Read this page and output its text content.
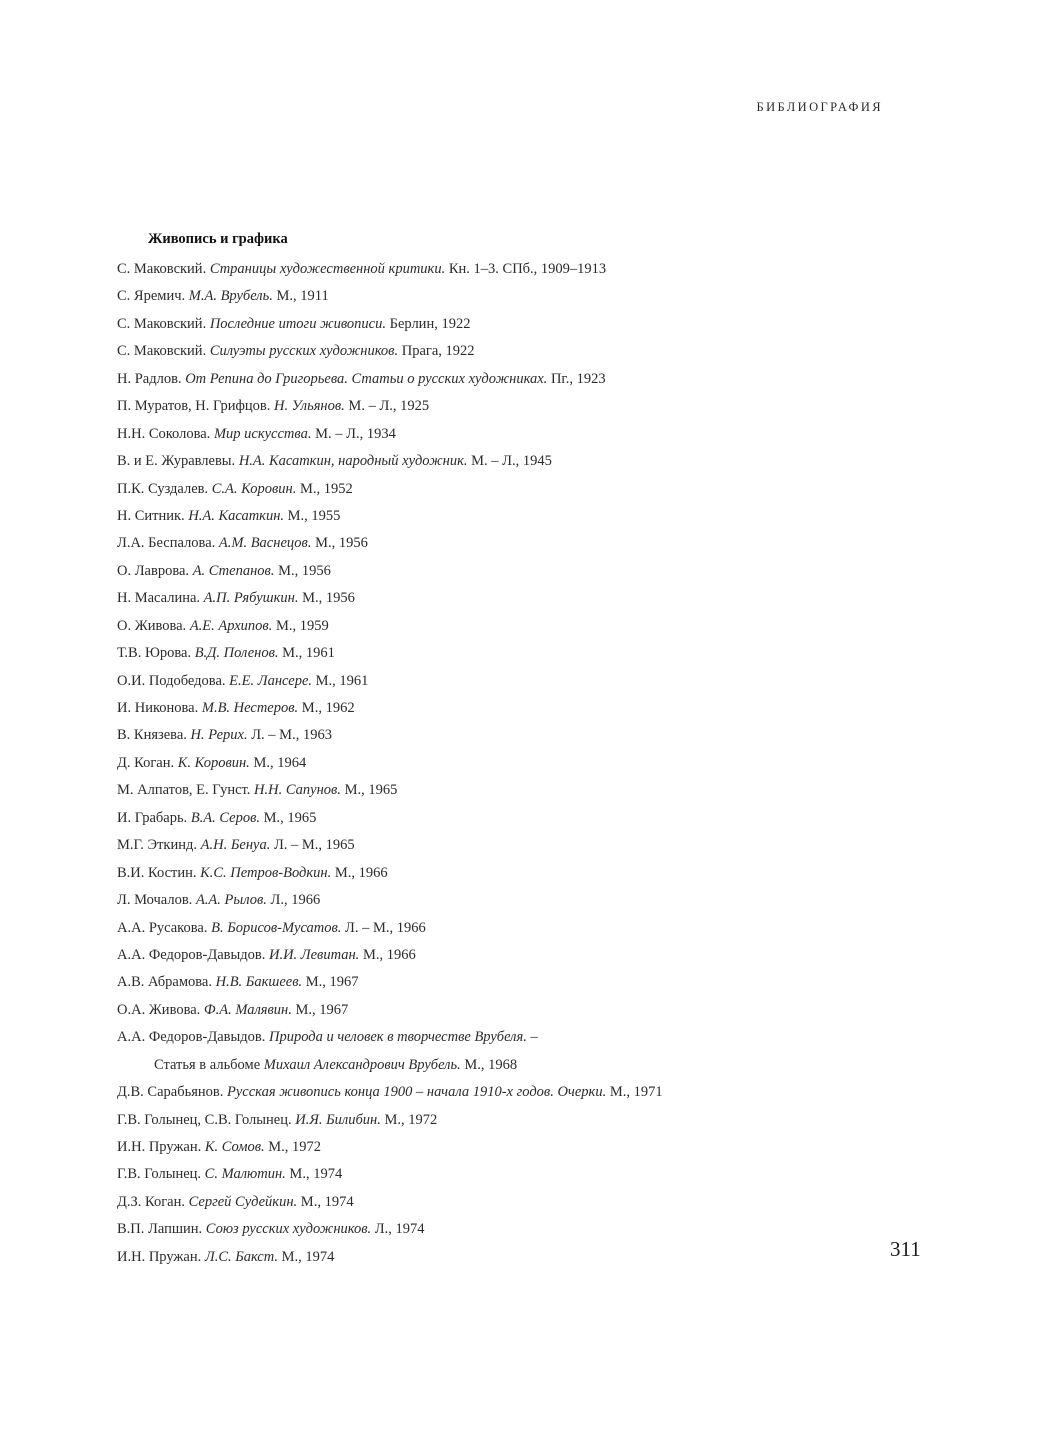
БИБЛИОГРАФИЯ
Живопись и графика
С. Маковский. Страницы художественной критики. Кн. 1–3. СПб., 1909–1913
С. Яремич. М.А. Врубель. М., 1911
С. Маковский. Последние итоги живописи. Берлин, 1922
С. Маковский. Силуэты русских художников. Прага, 1922
Н. Радлов. От Репина до Григорьева. Статьи о русских художниках. Пг., 1923
П. Муратов, Н. Грифцов. Н. Ульянов. М. – Л., 1925
Н.Н. Соколова. Мир искусства. М. – Л., 1934
В. и Е. Журавлевы. Н.А. Касаткин, народный художник. М. – Л., 1945
П.К. Суздалев. С.А. Коровин. М., 1952
Н. Ситник. Н.А. Касаткин. М., 1955
Л.А. Беспалова. А.М. Васнецов. М., 1956
О. Лаврова. А. Степанов. М., 1956
Н. Масалина. А.П. Рябушкин. М., 1956
О. Живова. А.Е. Архипов. М., 1959
Т.В. Юрова. В.Д. Поленов. М., 1961
О.И. Подобедова. Е.Е. Лансере. М., 1961
И. Никонова. М.В. Нестеров. М., 1962
В. Князева. Н. Рерих. Л. – М., 1963
Д. Коган. К. Коровин. М., 1964
М. Алпатов, Е. Гунст. Н.Н. Сапунов. М., 1965
И. Грабарь. В.А. Серов. М., 1965
М.Г. Эткинд. А.Н. Бенуа. Л. – М., 1965
В.И. Костин. К.С. Петров-Водкин. М., 1966
Л. Мочалов. А.А. Рылов. Л., 1966
А.А. Русакова. В. Борисов-Мусатов. Л. – М., 1966
А.А. Федоров-Давыдов. И.И. Левитан. М., 1966
А.В. Абрамова. Н.В. Бакшеев. М., 1967
О.А. Живова. Ф.А. Малявин. М., 1967
А.А. Федоров-Давыдов. Природа и человек в творчестве Врубеля. –
Статья в альбоме Михаил Александрович Врубель. М., 1968
Д.В. Сарабьянов. Русская живопись конца 1900 – начала 1910-х годов. Очерки. М., 1971
Г.В. Голынец, С.В. Голынец. И.Я. Билибин. М., 1972
И.Н. Пружан. К. Сомов. М., 1972
Г.В. Голынец. С. Малютин. М., 1974
Д.З. Коган. Сергей Судейкин. М., 1974
В.П. Лапшин. Союз русских художников. Л., 1974
И.Н. Пружан. Л.С. Бакст. М., 1974	311
